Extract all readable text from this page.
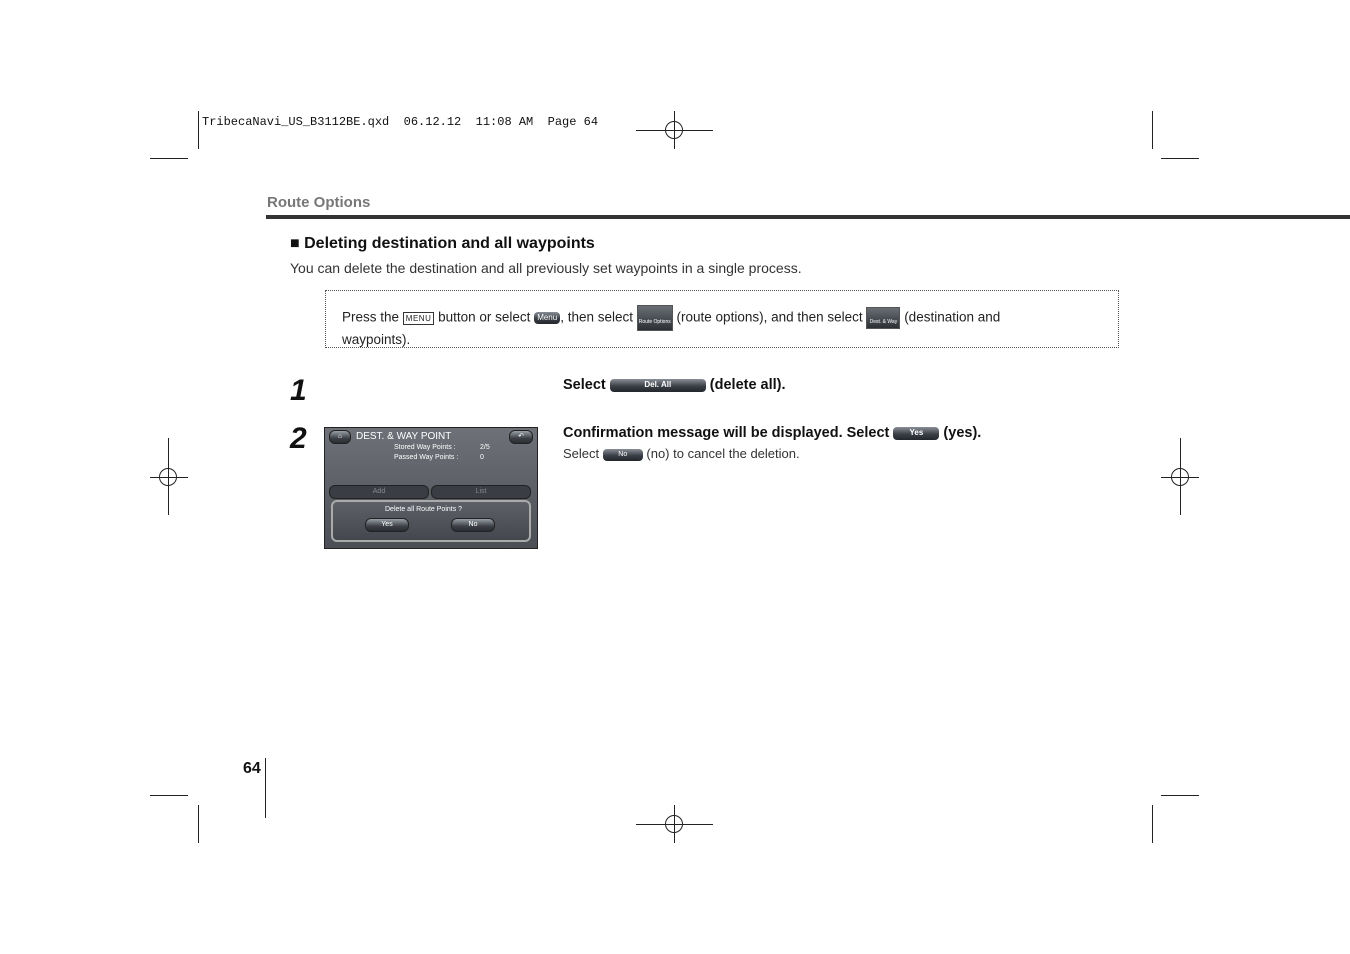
TribecaNavi_US_B3112BE.qxd  06.12.12  11:08 AM  Page 64
Route Options
■ Deleting destination and all waypoints
You can delete the destination and all previously set waypoints in a single process.
Press the MENU button or select Menu , then select Route Options (route options), and then select Dest. & Way Pt (destination and
waypoints).
1	Select	Del. All	(delete all).
2	Confirmation message will be displayed. Select	Yes (yes).
Select	No (no) to cancel the deletion.
⌂	DEST. & WAY POINT	↶
Stored Way Points :	2/5
Passed Way Points :	0
Add	List
Delete all Route Points ?
Yes	No
64
